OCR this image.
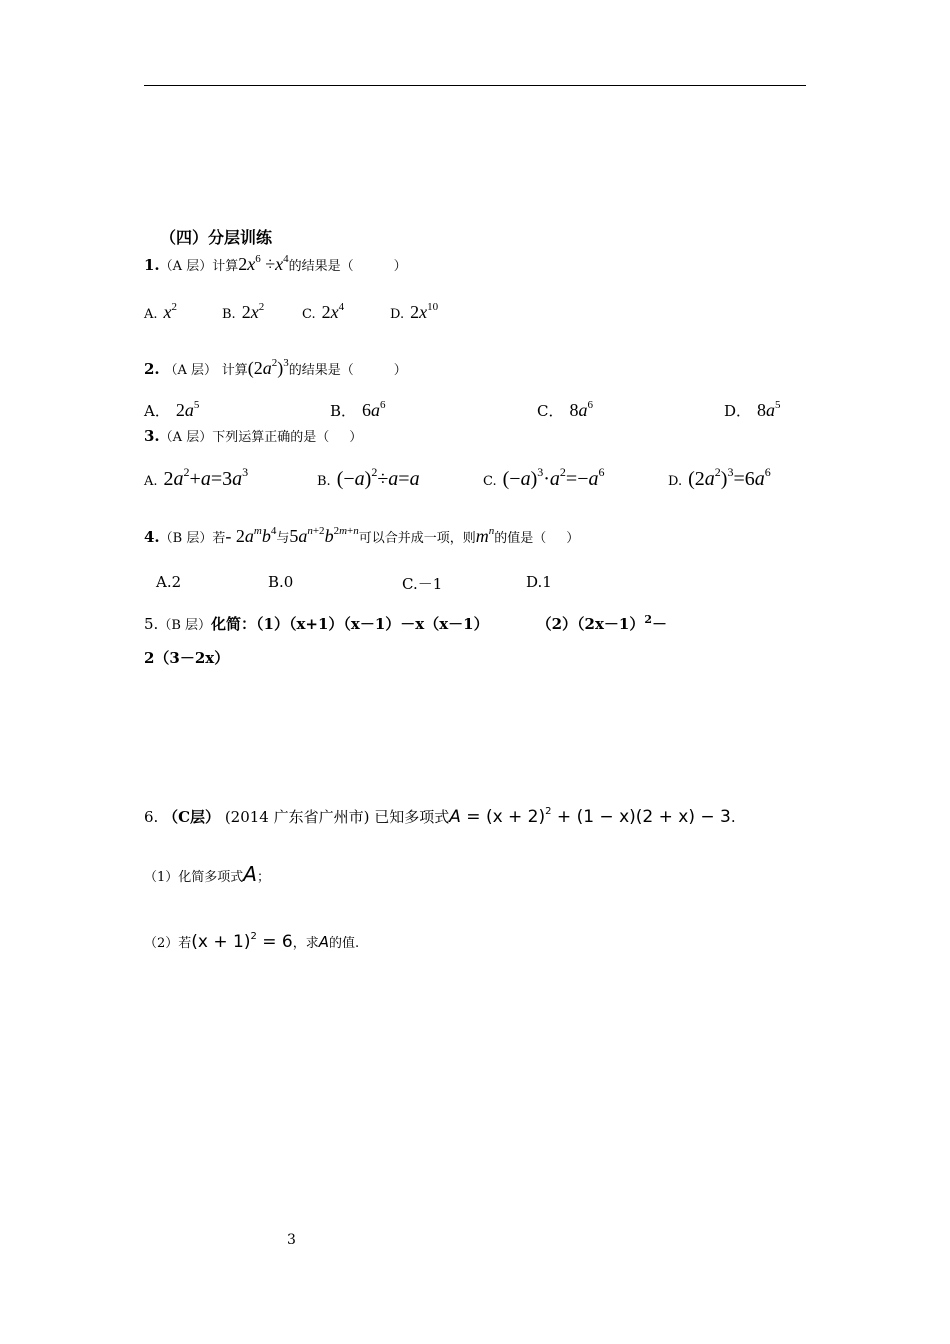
（四）分层训练
1.（A 层）计算$2x^6 \div x^4$的结果是（	）
A. $x^2$	B. $2x^2$	C. $2x^4$	D. $2x^{10}$
2. （A 层） 计算$(2a^2)^3$的结果是（	）
A． $2a^5$	B． $6a^6$	C． $8a^6$	D． $8a^5$
3.（A 层）下列运算正确的是（ ）
A. $2a^2+a=3a^3$
B. $(-a)^2\div a=a$	C. $(-a)^3\cdot a^2=-a^6$
D. $(2a^2)^3=6a^6$
4.（B 层）若- $2a^mb^4$与$5a^{n+2}b^{2m+n}$可以合并成一项，则$m^n$的值是（ ）
A.2	B.0	C.－1	D.1
5.（B 层）化简：（1）（x+1）（x－1）－x（x－1）	$(2)(2x-1)^2-$
2（3－2x）
6. （C层） (2014 广东省广州市) 已知多项式$A = (x + 2)^2 + (1 - x)(2 + x) - 3$.
（1）化简多项式A；
（2）若$(x + 1)^2 = 6$，求A的值.
3
